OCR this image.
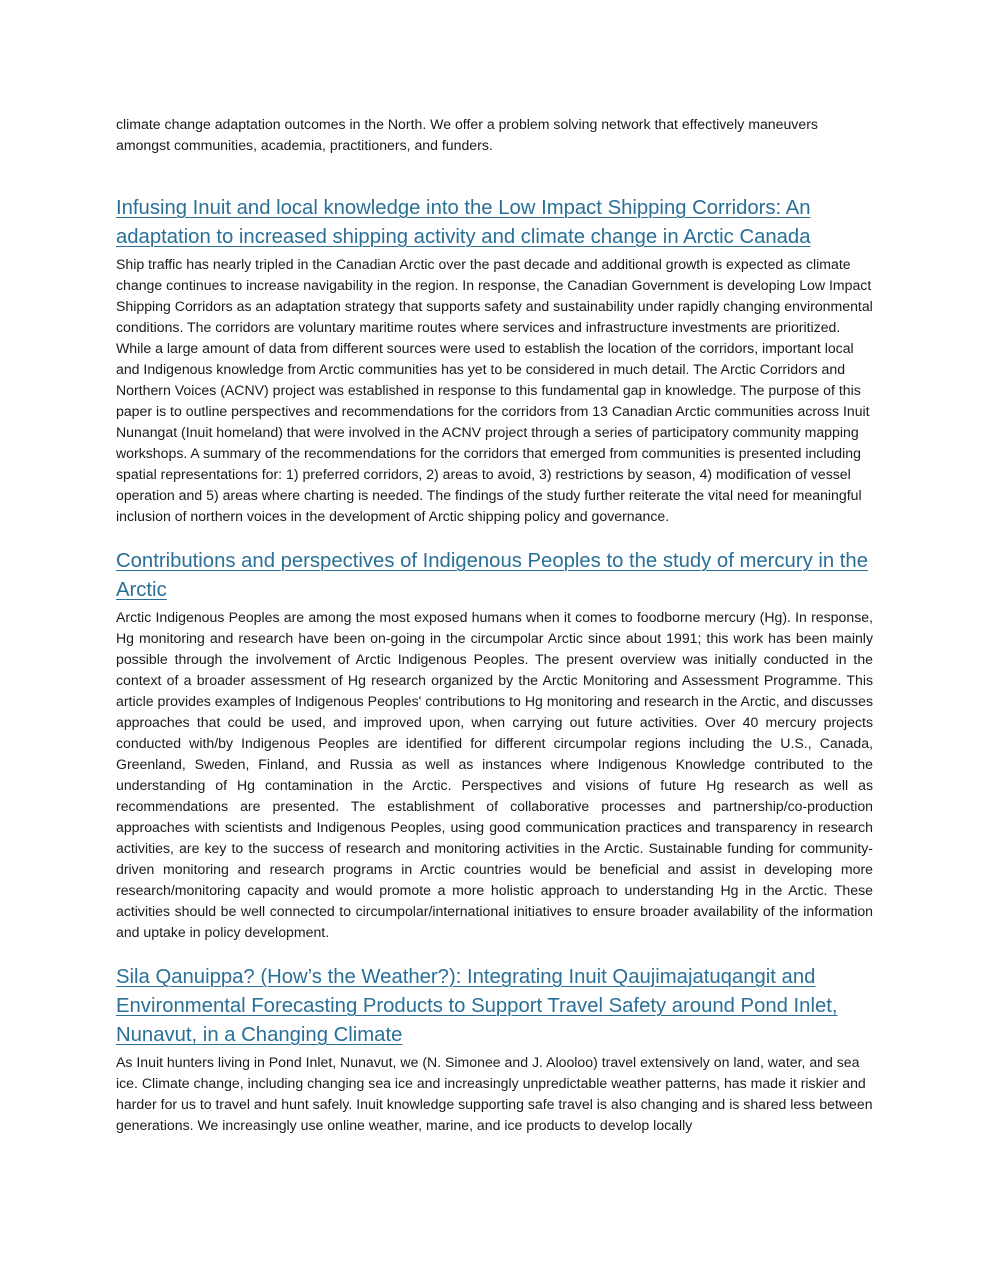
climate change adaptation outcomes in the North. We offer a problem solving network that effectively maneuvers amongst communities, academia, practitioners, and funders.

Infusing Inuit and local knowledge into the Low Impact Shipping Corridors: An adaptation to increased shipping activity and climate change in Arctic Canada

Ship traffic has nearly tripled in the Canadian Arctic over the past decade and additional growth is expected as climate change continues to increase navigability in the region. In response, the Canadian Government is developing Low Impact Shipping Corridors as an adaptation strategy that supports safety and sustainability under rapidly changing environmental conditions. The corridors are voluntary maritime routes where services and infrastructure investments are prioritized. While a large amount of data from different sources were used to establish the location of the corridors, important local and Indigenous knowledge from Arctic communities has yet to be considered in much detail. The Arctic Corridors and Northern Voices (ACNV) project was established in response to this fundamental gap in knowledge. The purpose of this paper is to outline perspectives and recommendations for the corridors from 13 Canadian Arctic communities across Inuit Nunangat (Inuit homeland) that were involved in the ACNV project through a series of participatory community mapping workshops. A summary of the recommendations for the corridors that emerged from communities is presented including spatial representations for: 1) preferred corridors, 2) areas to avoid, 3) restrictions by season, 4) modification of vessel operation and 5) areas where charting is needed. The findings of the study further reiterate the vital need for meaningful inclusion of northern voices in the development of Arctic shipping policy and governance.

Contributions and perspectives of Indigenous Peoples to the study of mercury in the Arctic

Arctic Indigenous Peoples are among the most exposed humans when it comes to foodborne mercury (Hg). In response, Hg monitoring and research have been on-going in the circumpolar Arctic since about 1991; this work has been mainly possible through the involvement of Arctic Indigenous Peoples. The present overview was initially conducted in the context of a broader assessment of Hg research organized by the Arctic Monitoring and Assessment Programme. This article provides examples of Indigenous Peoples' contributions to Hg monitoring and research in the Arctic, and discusses approaches that could be used, and improved upon, when carrying out future activities. Over 40 mercury projects conducted with/by Indigenous Peoples are identified for different circumpolar regions including the U.S., Canada, Greenland, Sweden, Finland, and Russia as well as instances where Indigenous Knowledge contributed to the understanding of Hg contamination in the Arctic. Perspectives and visions of future Hg research as well as recommendations are presented. The establishment of collaborative processes and partnership/co-production approaches with scientists and Indigenous Peoples, using good communication practices and transparency in research activities, are key to the success of research and monitoring activities in the Arctic. Sustainable funding for community-driven monitoring and research programs in Arctic countries would be beneficial and assist in developing more research/monitoring capacity and would promote a more holistic approach to understanding Hg in the Arctic. These activities should be well connected to circumpolar/international initiatives to ensure broader availability of the information and uptake in policy development.

Sila Qanuippa? (How’s the Weather?): Integrating Inuit Qaujimajatuqangit and Environmental Forecasting Products to Support Travel Safety around Pond Inlet, Nunavut, in a Changing Climate

As Inuit hunters living in Pond Inlet, Nunavut, we (N. Simonee and J. Alooloo) travel extensively on land, water, and sea ice. Climate change, including changing sea ice and increasingly unpredictable weather patterns, has made it riskier and harder for us to travel and hunt safely. Inuit knowledge supporting safe travel is also changing and is shared less between generations. We increasingly use online weather, marine, and ice products to develop locally
